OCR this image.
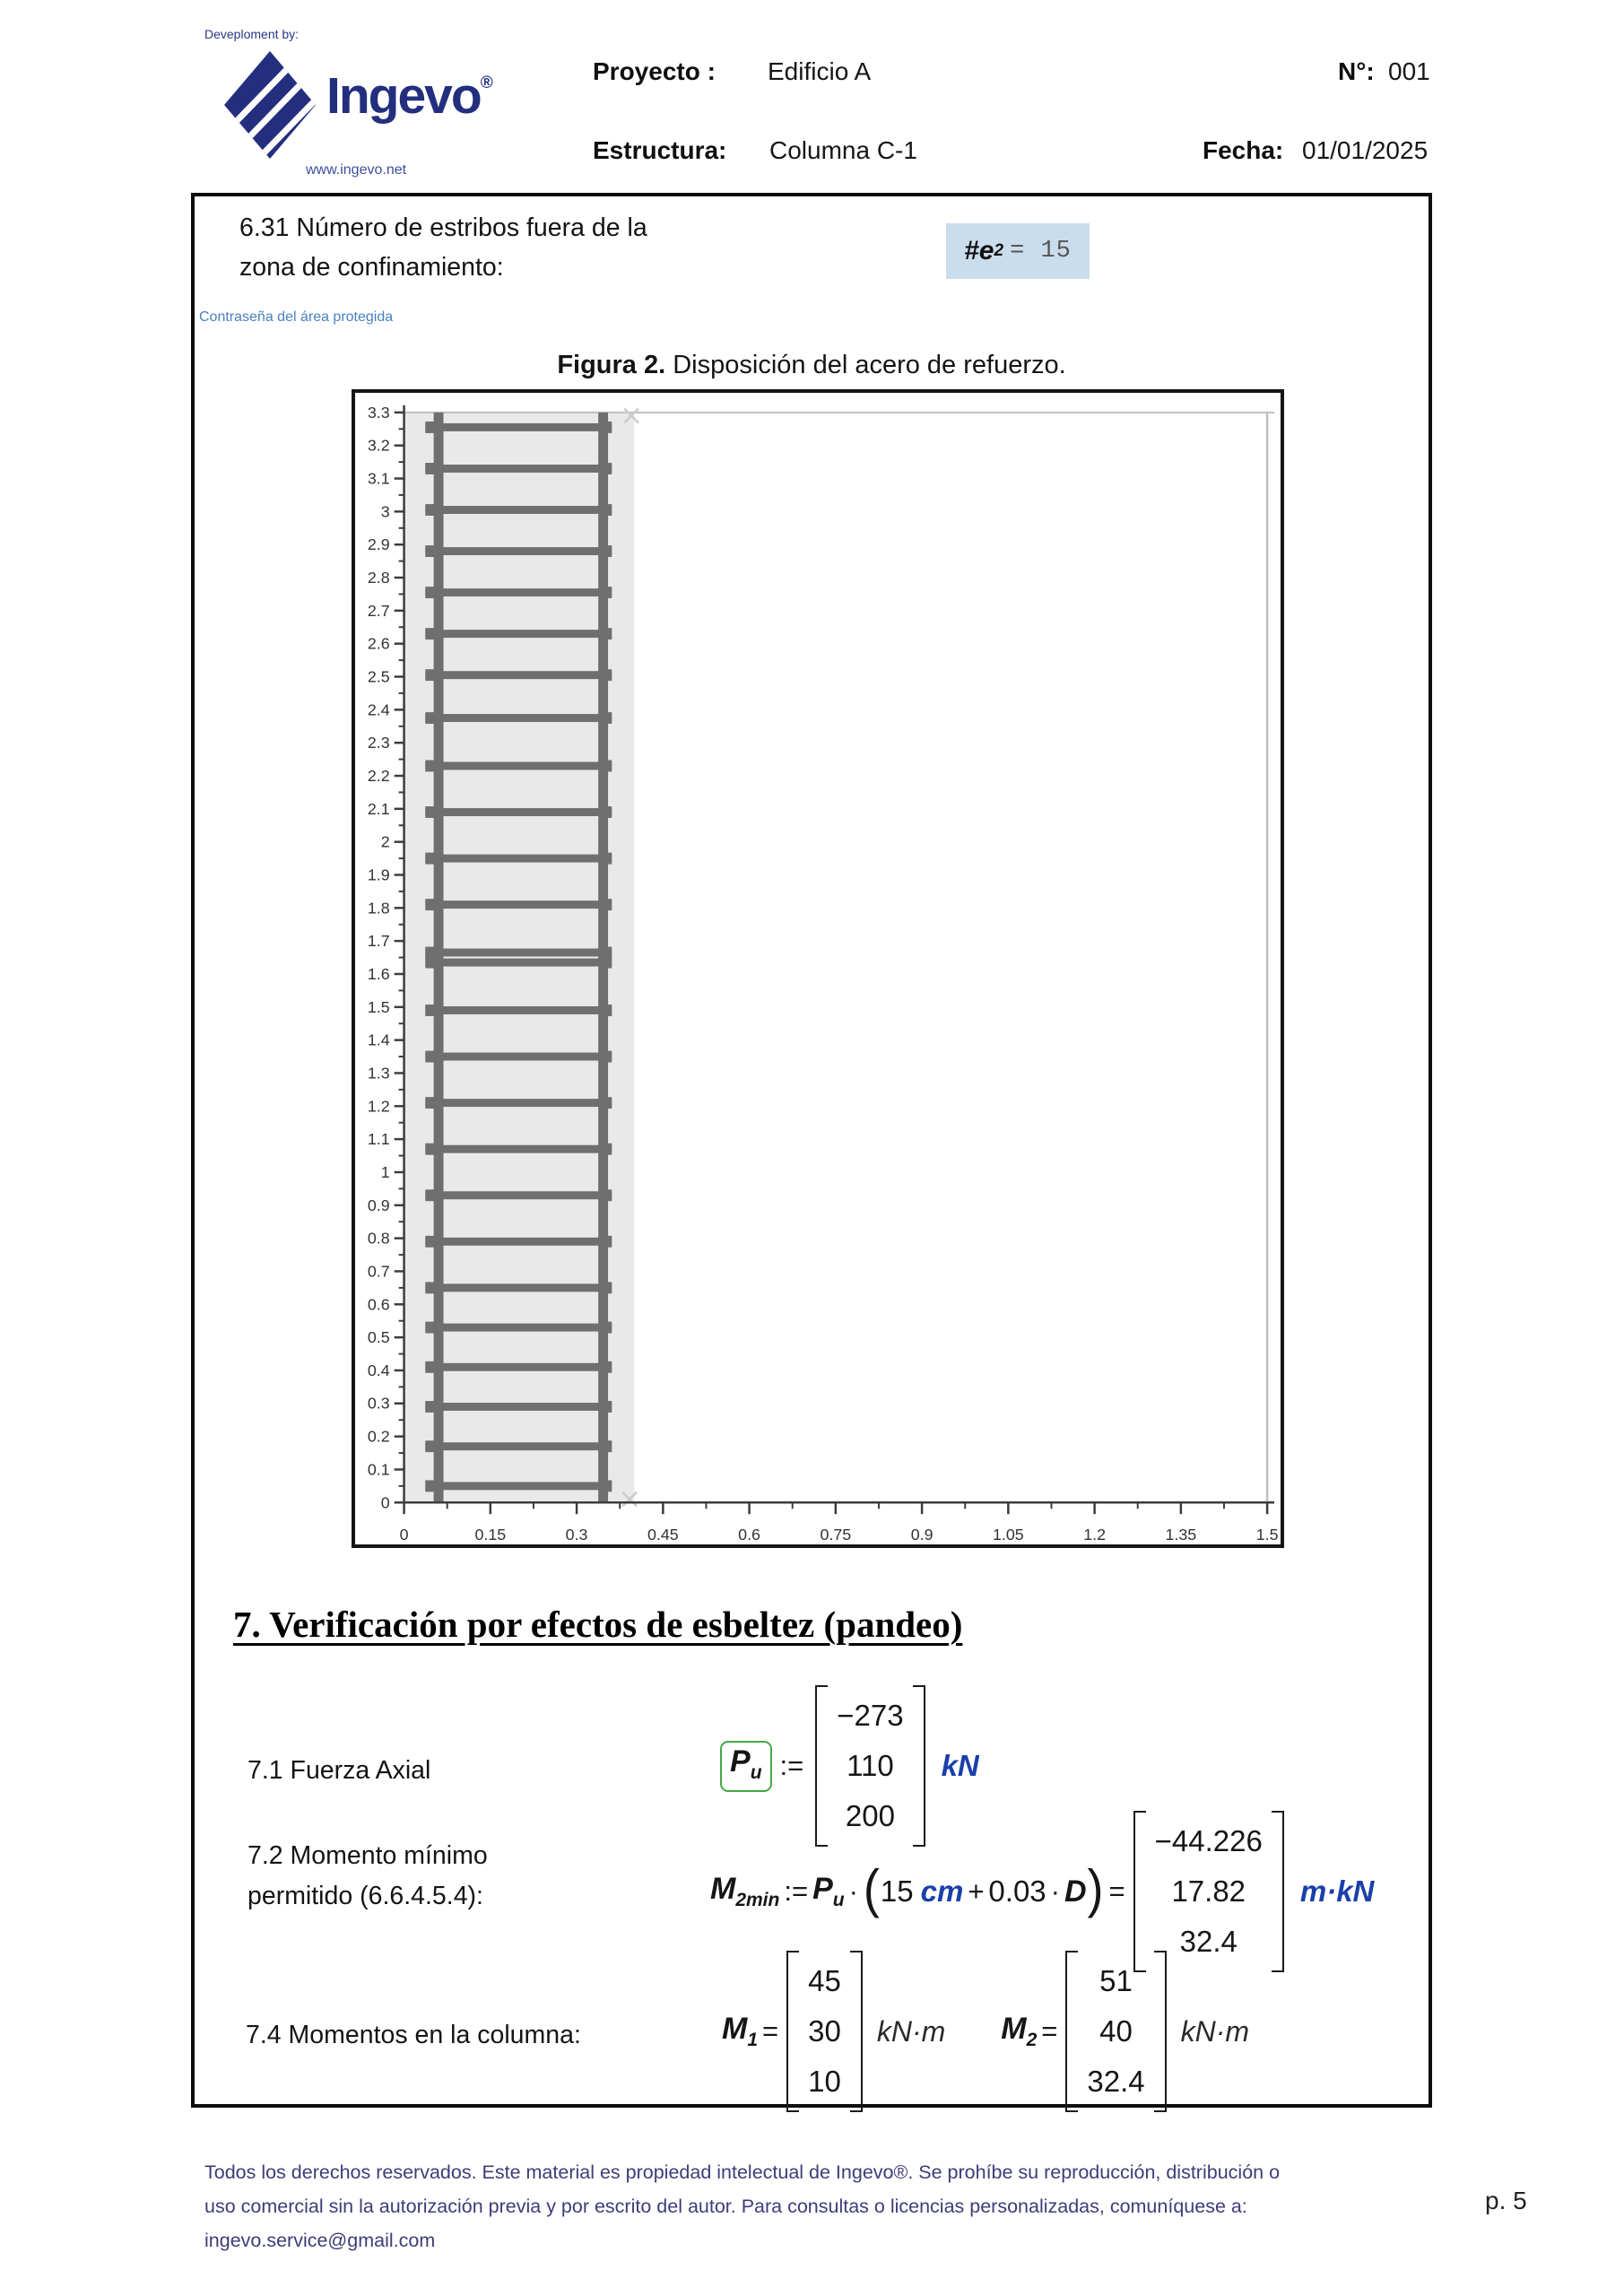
Deveploment by:
Ingevo®
www.ingevo.net
Proyecto : Edificio A	N°: 001
Estructura: Columna C-1	Fecha: 01/01/2025
6.31 Número de estribos fuera de la
zona de confinamiento:
#e 2 = 15
Contraseña del área protegida
Figura 2. Disposición del acero de refuerzo.
0	0.15	0.3	0.45	0.6	0.75	0.9	1.05	1.2	1.35	1.5
0
0.1
0.2
0.3
0.4
0.5
0.6
0.7
0.8
0.9
1
1.1
1.2
1.3
1.4
1.5
1.6
1.7
1.8
1.9
2
2.1
2.2
2.3
2.4
2.5
2.6
2.7
2.8
2.9
3
3.1
3.2
3.3
7. Verificación por efectos de esbeltez (pandeo)
7.1 Fuerza Axial	$P_u$ :=
−273
110
200
kN
7.2 Momento mínimo
permitido (6.6.4.5.4):	$M_{2min}$ := $P_u$ · ( 15 cm + 0.03 · D ) =
−44.226
17.82
32.4
m·kN
7.4 Momentos en la columna:	$M_1$ =
45
30
10
kN·m $M_2$ =
51
40
32.4
kN·m
Todos los derechos reservados. Este material es propiedad intelectual de Ingevo®. Se prohíbe su reproducción, distribución o
uso comercial sin la autorización previa y por escrito del autor. Para consultas o licencias personalizadas, comuníquese a:
ingevo.service@gmail.com
p. 5
